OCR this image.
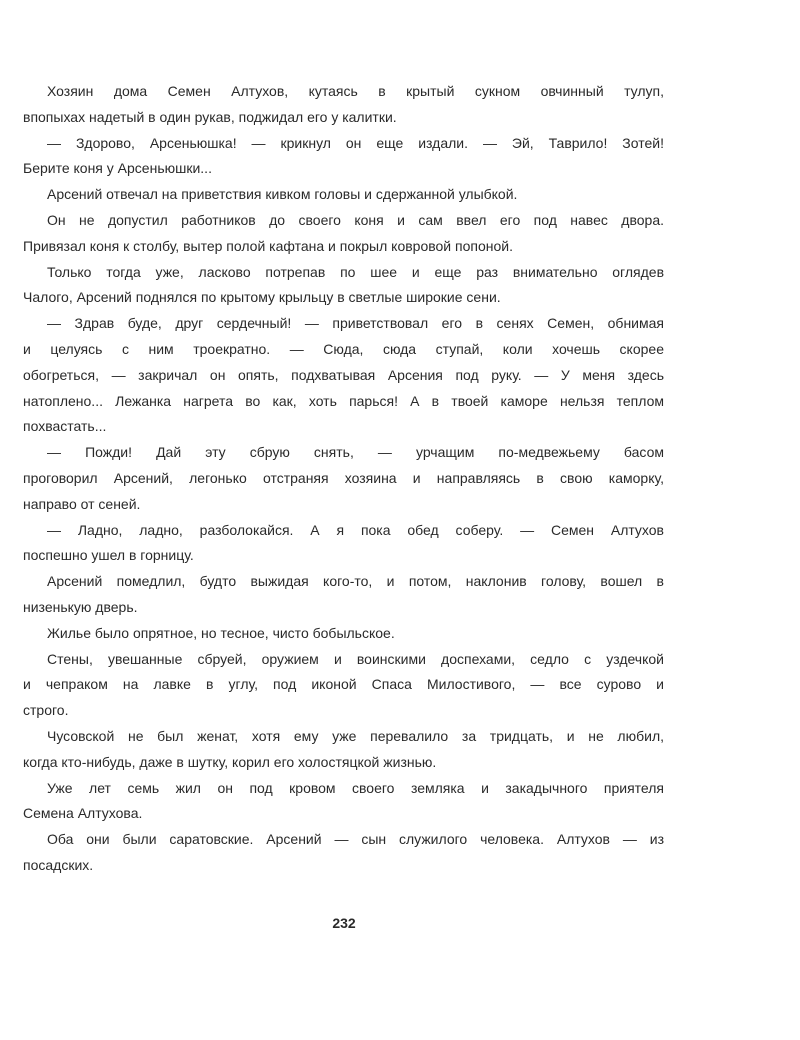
Хозяин дома Семен Алтухов, кутаясь в крытый сукном овчинный тулуп,
впопыхах надетый в один рукав, поджидал его у калитки.
— Здорово, Арсеньюшка! — крикнул он еще издали. — Эй, Таврило! Зотей!
Берите коня у Арсеньюшки...
Арсений отвечал на приветствия кивком головы и сдержанной улыбкой.
Он не допустил работников до своего коня и сам ввел его под навес двора.
Привязал коня к столбу, вытер полой кафтана и покрыл ковровой попоной.
Только тогда уже, ласково потрепав по шее и еще раз внимательно оглядев
Чалого, Арсений поднялся по крытому крыльцу в светлые широкие сени.
— Здрав буде, друг сердечный! — приветствовал его в сенях Семен, обнимая
и целуясь с ним троекратно. — Сюда, сюда ступай, коли хочешь скорее
обогреться, — закричал он опять, подхватывая Арсения под руку. — У меня здесь
натоплено... Лежанка нагрета во как, хоть парься! А в твоей каморе нельзя теплом
похвастать...
— Пожди! Дай эту сбрую снять, — урчащим по-медвежьему басом
проговорил Арсений, легонько отстраняя хозяина и направляясь в свою каморку,
направо от сеней.
— Ладно, ладно, разболокайся. А я пока обед соберу. — Семен Алтухов
поспешно ушел в горницу.
Арсений помедлил, будто выжидая кого-то, и потом, наклонив голову, вошел в
низенькую дверь.
Жилье было опрятное, но тесное, чисто бобыльское.
Стены, увешанные сбруей, оружием и воинскими доспехами, седло с уздечкой
и чепраком на лавке в углу, под иконой Спаса Милостивого, — все сурово и
строго.
Чусовской не был женат, хотя ему уже перевалило за тридцать, и не любил,
когда кто-нибудь, даже в шутку, корил его холостяцкой жизнью.
Уже лет семь жил он под кровом своего земляка и закадычного приятеля
Семена Алтухова.
Оба они были саратовские. Арсений — сын служилого человека. Алтухов — из
посадских.
232
